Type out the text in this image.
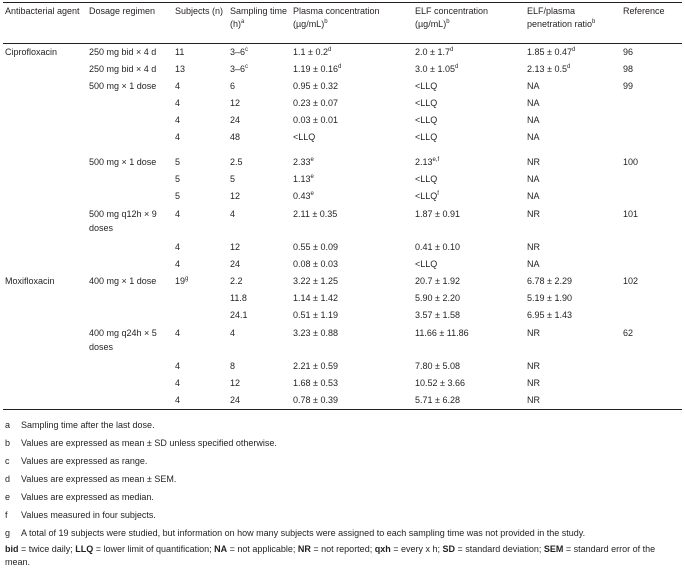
Antibacterial agent	Dosage regimen	Subjects (n)	Sampling time $(h)^a$	Plasma concentration $(\mu g/mL)^b$	ELF concentration $(\mu g/mL)^b$	ELF/plasma penetration ratio$^b$	Reference
Ciprofloxacin	250 mg bid × 4 d	11	3–6$^c$	1.1 ± 0.2$^d$	2.0 ± 1.7$^d$	1.85 ± 0.47$^d$	96
	250 mg bid × 4 d	13	3–6$^c$	1.19 ± 0.16$^d$	3.0 ± 1.05$^d$	2.13 ± 0.5$^d$	98
	500 mg × 1 dose	4	6	0.95 ± 0.32	<LLQ	NA	99
		4	12	0.23 ± 0.07	<LLQ	NA	
		4	24	0.03 ± 0.01	<LLQ	NA	
		4	48	<LLQ	<LLQ	NA	
	500 mg × 1 dose	5	2.5	2.33e	2.13$^{e,f}$	NR	100
		5	5	1.13$^e$	<LLQ	NA	
		5	12	0.43$^e$	$<LLQ^f$	NA	
	500 mg q12h × 9 doses	4	4	2.11 ± 0.35	1.87 ± 0.91	NR	101
		4	12	0.55 ± 0.09	0.41 ± 0.10	NR	
		4	24	0.08 ± 0.03	<LLQ	NA	
Moxifloxacin	400 mg × 1 dose	19$^g$	2.2	3.22 ± 1.25	20.7 ± 1.92	6.78 ± 2.29	102
			11.8	1.14 ± 1.42	5.90 ± 2.20	5.19 ± 1.90	
			24.1	0.51 ± 1.19	3.57 ± 1.58	6.95 ± 1.43	
	400 mg q24h × 5 doses	4	4	3.23 ± 0.88	11.66 ± 11.86	NR	62
		4	8	2.21 ± 0.59	7.80 ± 5.08	NR	
		4	12	1.68 ± 0.53	10.52 ± 3.66	NR	
		4	24	0.78 ± 0.39	5.71 ± 6.28	NR	
a	Sampling time after the last dose.
b	Values are expressed as mean ± SD unless specified otherwise.
c	Values are expressed as range.
d	Values are expressed as mean ± SEM.
e	Values are expressed as median.
f	Values measured in four subjects.
g	A total of 19 subjects were studied, but information on how many subjects were assigned to each sampling time was not provided in the study.
bid = twice daily; LLQ = lower limit of quantification; NA = not applicable; NR = not reported; qxh = every x h; SD = standard deviation; SEM = standard error of the mean.
